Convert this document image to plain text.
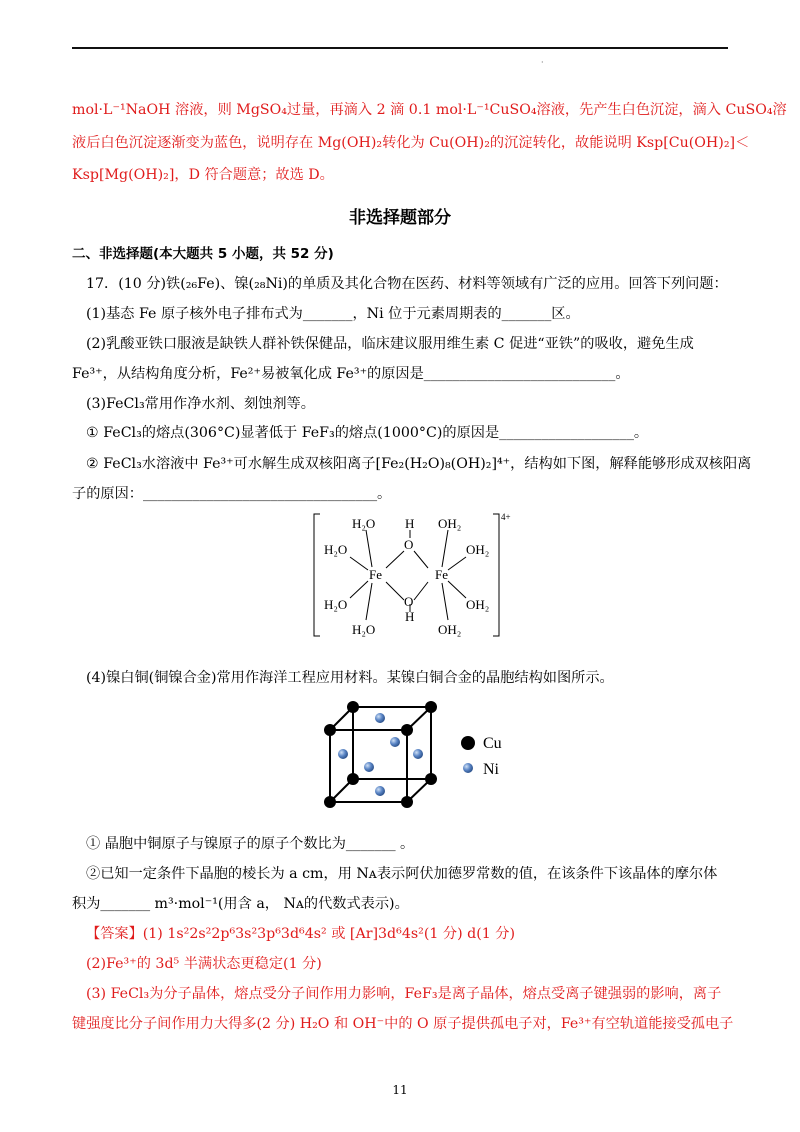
·
mol·L⁻¹NaOH 溶液，则 MgSO₄过量，再滴入 2 滴 0.1 mol·L⁻¹CuSO₄溶液，先产生白色沉淀，滴入 CuSO₄溶
液后白色沉淀逐渐变为蓝色，说明存在 Mg(OH)₂转化为 Cu(OH)₂的沉淀转化，故能说明 Ksp[Cu(OH)₂]＜
Ksp[Mg(OH)₂]，D 符合题意；故选 D。
非选择题部分
二、非选择题(本大题共 5 小题，共 52 分)
17．(10 分)铁(₂₆Fe)、镍(₂₈Ni)的单质及其化合物在医药、材料等领域有广泛的应用。回答下列问题：
(1)基态 Fe 原子核外电子排布式为_______，Ni 位于元素周期表的_______区。
(2)乳酸亚铁口服液是缺铁人群补铁保健品，临床建议服用维生素 C 促进“亚铁”的吸收，避免生成
Fe³⁺，从结构角度分析，Fe²⁺易被氧化成 Fe³⁺的原因是___________________________。
(3)FeCl₃常用作净水剂、刻蚀剂等。
① FeCl₃的熔点(306°C)显著低于 FeF₃的熔点(1000°C)的原因是___________________。
② FeCl₃水溶液中 Fe³⁺可水解生成双核阳离子[Fe₂(H₂O)₈(OH)₂]⁴⁺，结构如下图，解释能够形成双核阳离
子的原因：_________________________________。
4+
H₂O	OH₂
H₂O	OH₂
H
O
Fe	Fe
H₂O	OH₂
O
H
H₂O	OH₂
(4)镍白铜(铜镍合金)常用作海洋工程应用材料。某镍白铜合金的晶胞结构如图所示。
Cu
Ni
① 晶胞中铜原子与镍原子的原子个数比为_______ 。
②已知一定条件下晶胞的棱长为 a cm，用 Nᴀ表示阿伏加德罗常数的值，在该条件下该晶体的摩尔体
积为_______ m³·mol⁻¹(用含 a， Nᴀ的代数式表示)。
【答案】(1) 1s²2s²2p⁶3s²3p⁶3d⁶4s² 或 [Ar]3d⁶4s²(1 分) d(1 分)
(2)Fe³⁺的 3d⁵ 半满状态更稳定(1 分)
(3) FeCl₃为分子晶体，熔点受分子间作用力影响，FeF₃是离子晶体，熔点受离子键强弱的影响，离子
键强度比分子间作用力大得多(2 分) H₂O 和 OH⁻中的 O 原子提供孤电子对，Fe³⁺有空轨道能接受孤电子
11
